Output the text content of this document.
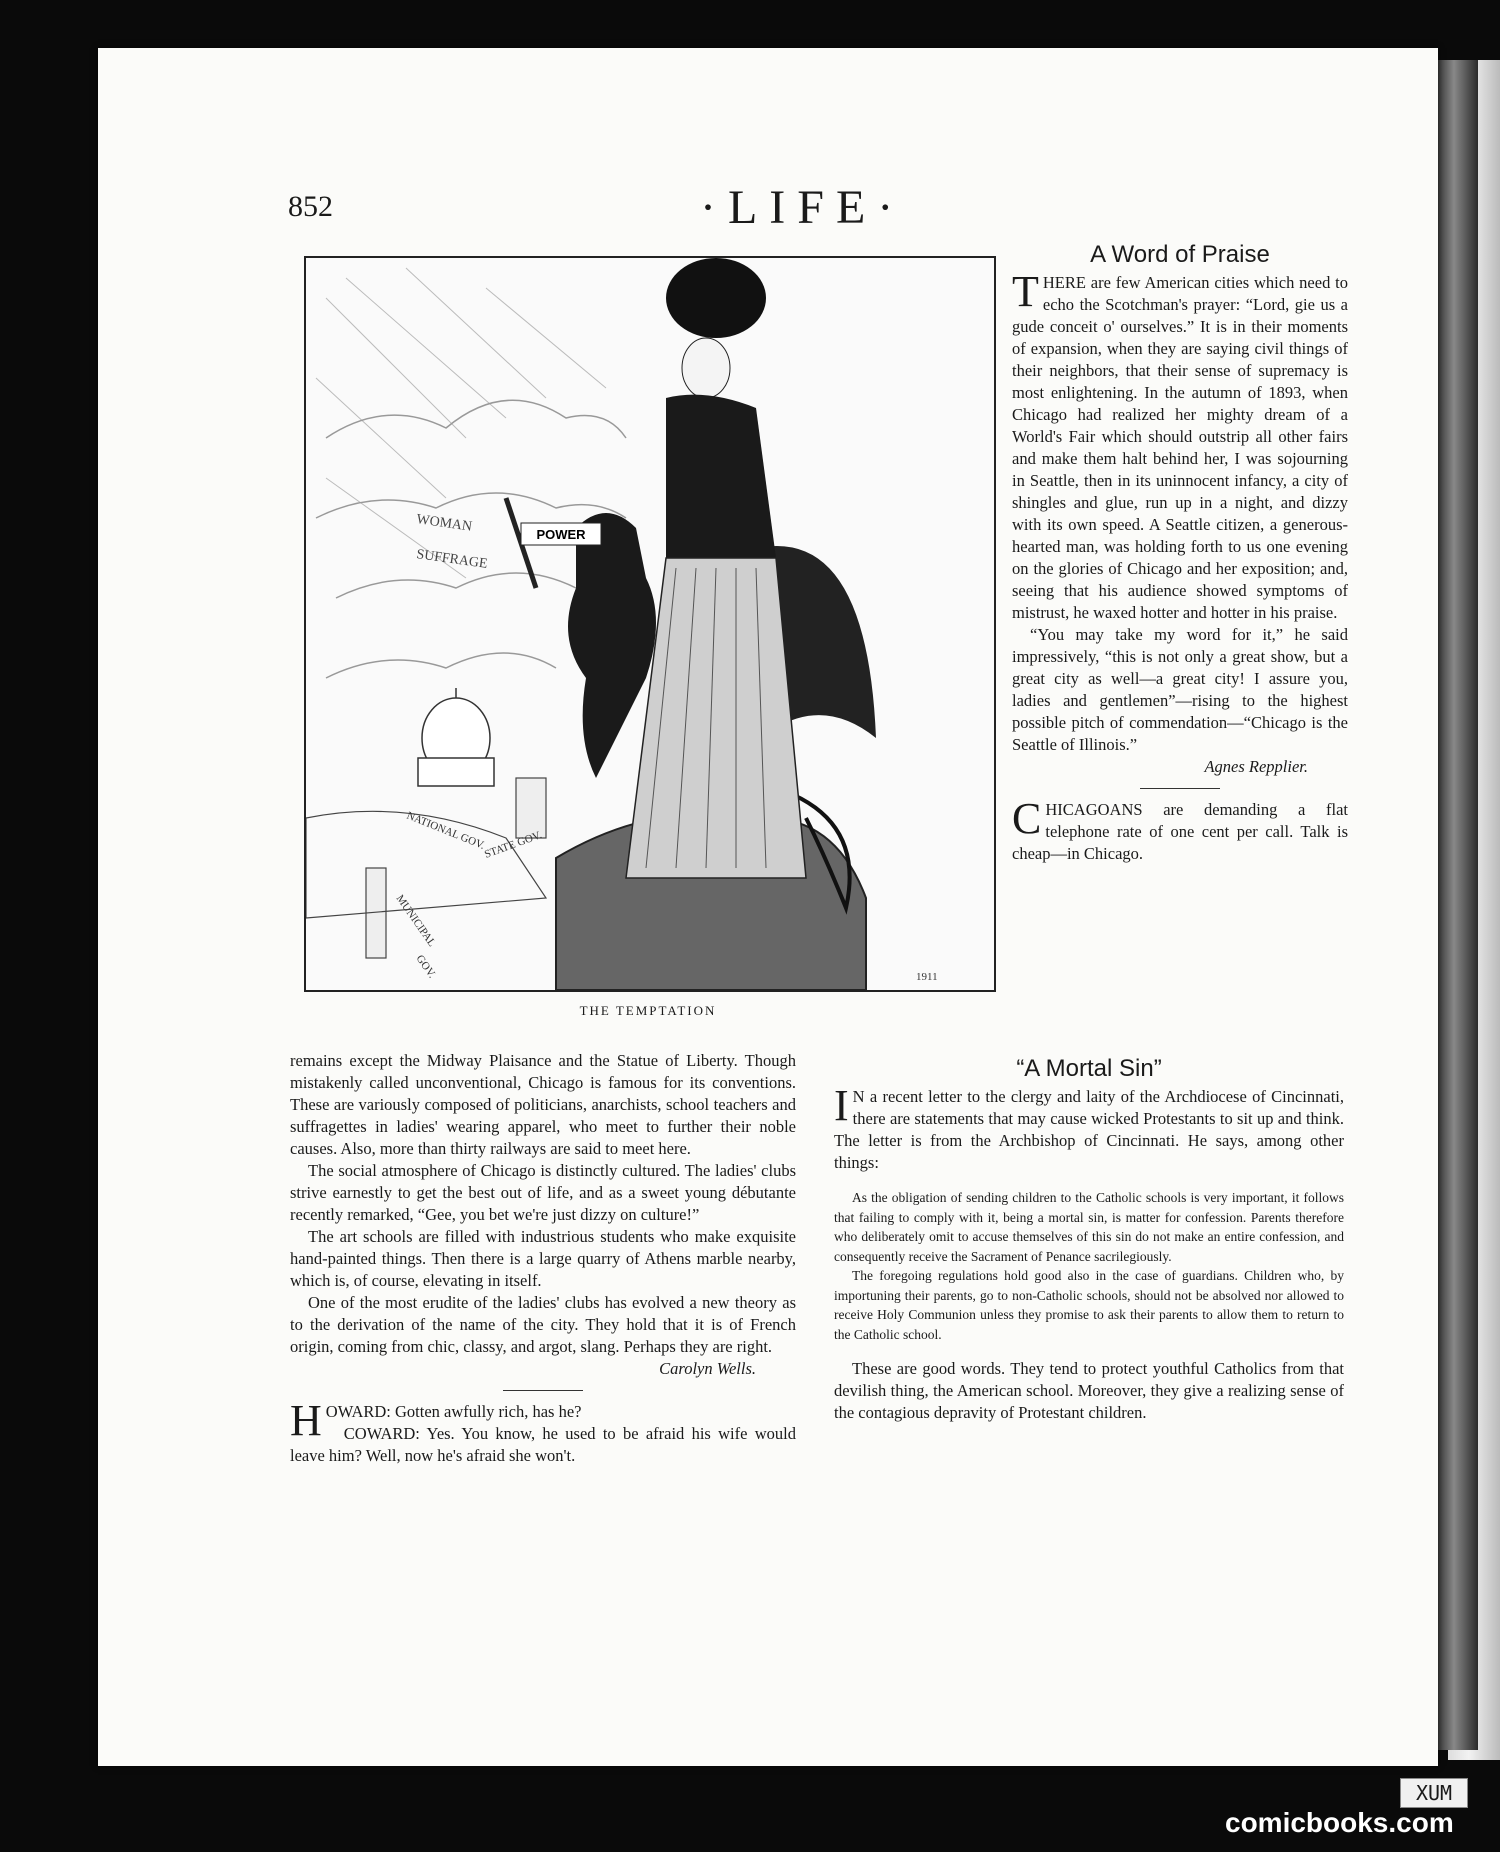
852	·LIFE·
POWER
WOMAN
SUFFRAGE
NATIONAL GOV.
STATE GOV.
MUNICIPAL
GOV.	1911
THE TEMPTATION
A Word of Praise

THERE are few American cities which need to echo the Scotchman's prayer: “Lord, gie us a gude conceit o' ourselves.” It is in their moments of expansion, when they are saying civil things of their neighbors, that their sense of supremacy is most enlightening. In the autumn of 1893, when Chicago had realized her mighty dream of a World's Fair which should outstrip all other fairs and make them halt behind her, I was sojourning in Seattle, then in its uninnocent infancy, a city of shingles and glue, run up in a night, and dizzy with its own speed. A Seattle citizen, a generous-hearted man, was holding forth to us one evening on the glories of Chicago and her exposition; and, seeing that his audience showed symptoms of mistrust, he waxed hotter and hotter in his praise.

“You may take my word for it,” he said impressively, “this is not only a great show, but a great city as well—a great city! I assure you, ladies and gentlemen”—rising to the highest possible pitch of commendation—“Chicago is the Seattle of Illinois.”

Agnes Repplier.

CHICAGOANS are demanding a flat telephone rate of one cent per call. Talk is cheap—in Chicago.

remains except the Midway Plaisance and the Statue of Liberty. Though mistakenly called unconventional, Chicago is famous for its conventions. These are variously composed of politicians, anarchists, school teachers and suffragettes in ladies' wearing apparel, who meet to further their noble causes. Also, more than thirty railways are said to meet here.

The social atmosphere of Chicago is distinctly cultured. The ladies' clubs strive earnestly to get the best out of life, and as a sweet young débutante recently remarked, “Gee, you bet we're just dizzy on culture!”

The art schools are filled with industrious students who make exquisite hand-painted things. Then there is a large quarry of Athens marble nearby, which is, of course, elevating in itself.

One of the most erudite of the ladies' clubs has evolved a new theory as to the derivation of the name of the city. They hold that it is of French origin, coming from chic, classy, and argot, slang. Perhaps they are right.

Carolyn Wells.

HOWARD: Gotten awfully rich, has he?

COWARD: Yes. You know, he used to be afraid his wife would leave him? Well, now he's afraid she won't.

“A Mortal Sin”

I N a recent letter to the clergy and laity of the Archdiocese of Cincinnati, there are statements that may cause wicked Protestants to sit up and think. The letter is from the Archbishop of Cincinnati. He says, among other things:

As the obligation of sending children to the Catholic schools is very important, it follows that failing to comply with it, being a mortal sin, is matter for confession. Parents therefore who deliberately omit to accuse themselves of this sin do not make an entire confession, and consequently receive the Sacrament of Penance sacrilegiously.

The foregoing regulations hold good also in the case of guardians. Children who, by importuning their parents, go to non-Catholic schools, should not be absolved nor allowed to receive Holy Communion unless they promise to ask their parents to allow them to return to the Catholic school.

These are good words. They tend to protect youthful Catholics from that devilish thing, the American school. Moreover, they give a realizing sense of the contagious depravity of Protestant children.

XUM
comicbooks.com
